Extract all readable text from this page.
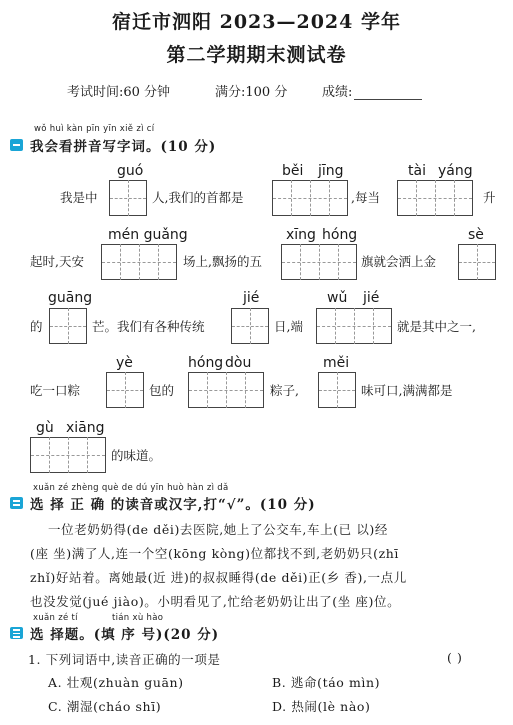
宿迁市泗阳 2023—2024 学年
第二学期期末测试卷
考试时间:60 分钟	满分:100 分	成绩:
wǒ huì kàn pīn yīn xiě zì cí
我会看拼音写字词。(10 分)
guó	běi jīng	tài yáng
我是中	人,我们的首都是	,每当	升
mén guǎng	xīng hóng	sè
起时,天安	场上,飘扬的五	旗就会洒上金
guāng	jié	wǔ jié
的	芒。我们有各种传统	日,端	就是其中之一,
yè	hóng dòu	měi
吃一口粽	包的	粽子,	味可口,满满都是
gù xiāng
的味道。
xuǎn zé zhèng què de dú yīn huò hàn zì dǎ
选 择 正 确 的读音或汉字,打“√”。(10 分)
一位老奶奶得(de děi)去医院,她上了公交车,车上(已 以)经
(座 坐)满了人,连一个空(kōng kòng)位都找不到,老奶奶只(zhī
zhǐ)好站着。离她最(近 进)的叔叔睡得(de děi)正(乡 香),一点儿
也没发觉(jué jiào)。小明看见了,忙给老奶奶让出了(坐 座)位。
xuǎn zé tí	tián xù hào
选 择题。(填 序 号)(20 分)
1. 下列词语中,读音正确的一项是	( )
A. 壮观(zhuàn guān)	B. 逃命(táo mìn)
C. 潮湿(cháo shī)	D. 热闹(lè nào)
